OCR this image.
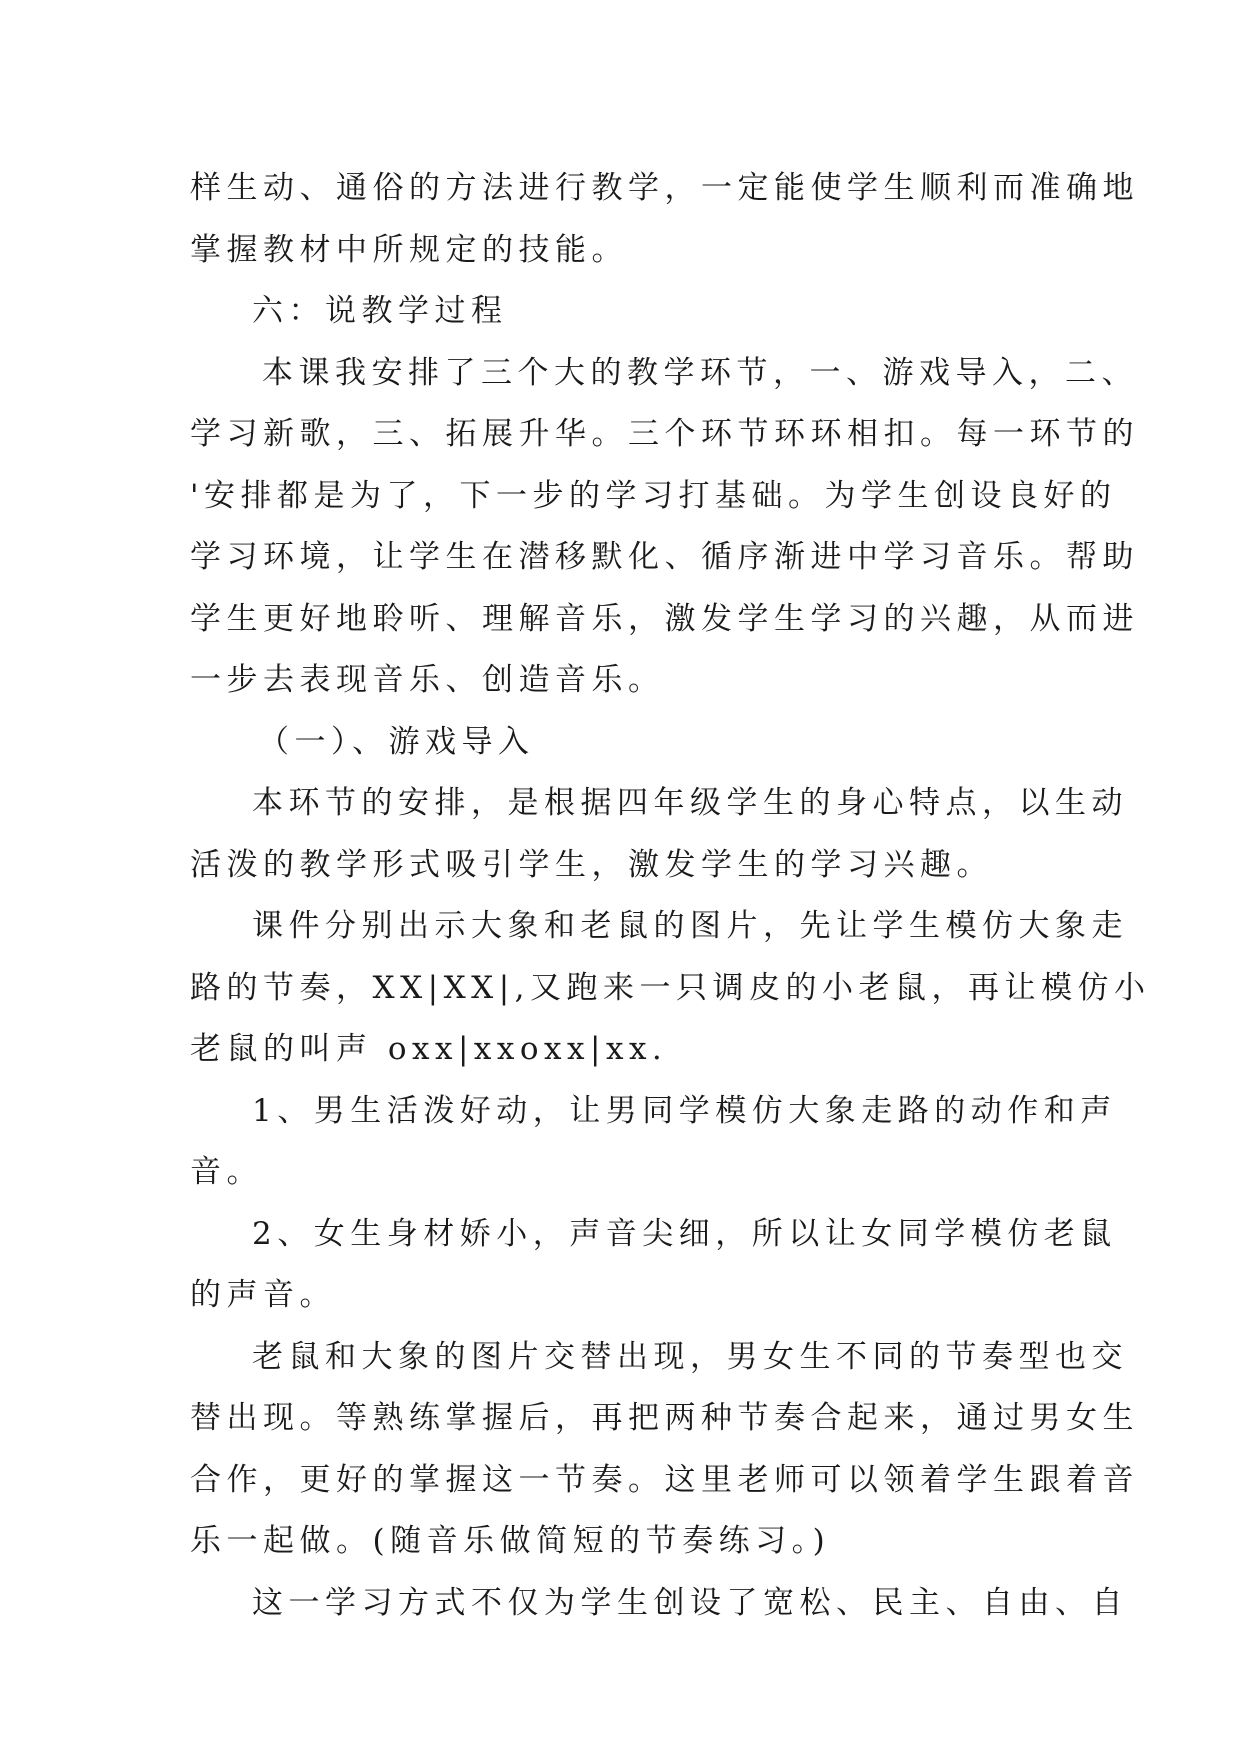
样生动、通俗的方法进行教学，一定能使学生顺利而准确地

掌握教材中所规定的技能。

六：说教学过程

本课我安排了三个大的教学环节，一、游戏导入，二、

学习新歌，三、拓展升华。三个环节环环相扣。每一环节的

'安排都是为了，下一步的学习打基础。为学生创设良好的

学习环境，让学生在潜移默化、循序渐进中学习音乐。帮助

学生更好地聆听、理解音乐，激发学生学习的兴趣，从而进

一步去表现音乐、创造音乐。

（一）、游戏导入

本环节的安排，是根据四年级学生的身心特点，以生动

活泼的教学形式吸引学生，激发学生的学习兴趣。

课件分别出示大象和老鼠的图片，先让学生模仿大象走

路的节奏，XX|XX|,又跑来一只调皮的小老鼠，再让模仿小

老鼠的叫声 oxx|xxoxx|xx.

1、男生活泼好动，让男同学模仿大象走路的动作和声

音。

2、女生身材娇小，声音尖细，所以让女同学模仿老鼠

的声音。

老鼠和大象的图片交替出现，男女生不同的节奏型也交

替出现。等熟练掌握后，再把两种节奏合起来，通过男女生

合作，更好的掌握这一节奏。这里老师可以领着学生跟着音

乐一起做。(随音乐做简短的节奏练习。)

这一学习方式不仅为学生创设了宽松、民主、自由、自
